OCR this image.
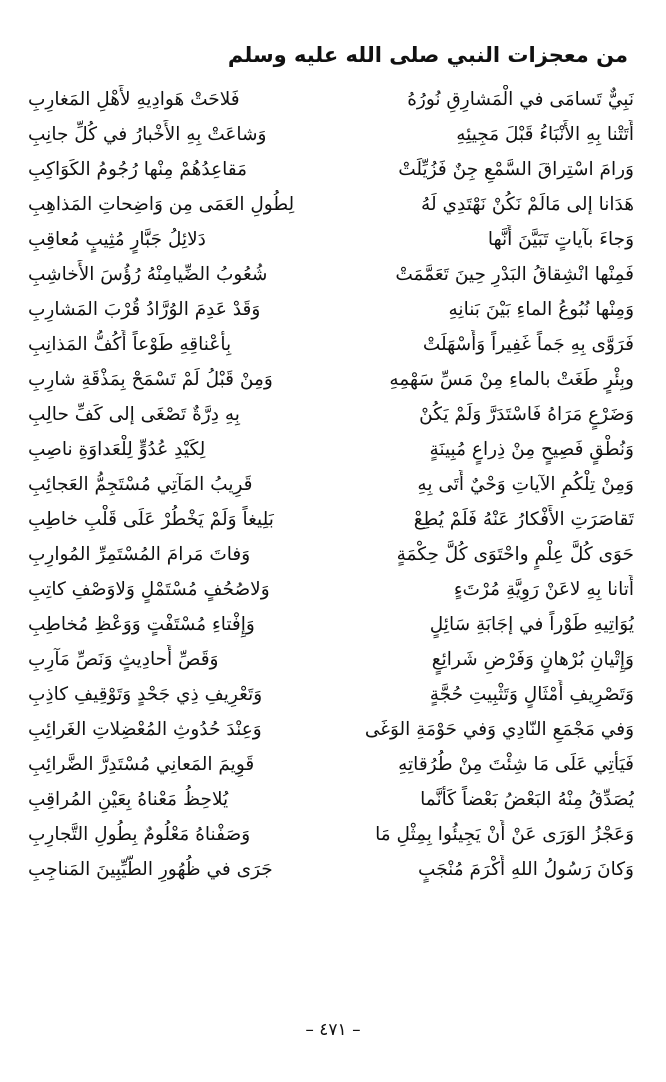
من معجزات النبي صلى الله عليه وسلم
نَبِيٌّ تَسامَى في الْمَشارِقِ نُورُهُ
فَلاحَتْ هَوادِيهِ لأَهْلِ المَغارِبِ
أَتَتْنا بِهِ الأَنْبَاءُ قَبْلَ مَجِيئِهِ
وَشاعَتْ بِهِ الأَخْبارُ في كُلِّ جانِبِ
وَرامَ اسْتِراقَ السَّمْعِ جِنٌ فَزُيِّلَتْ
مَقاعِدُهُمْ مِنْها رُجُومُ الكَوَاكِبِ
هَدَانا إلى مَالَمْ نَكُنْ نَهْتَدِي لَهُ
لِطُولِ العَمَى مِن وَاضِحاتِ المَذاهِبِ
وَجاءَ بآياتٍ تَبَيَّنَ أَنَّها
دَلائِلُ جَبَّارٍ مُثِيبٍ مُعاقِبِ
فَمِنْها انْشِقاقُ البَدْرِ حِينَ تَعَمَّمَتْ
شُعُوبُ الضِّيامِنْهُ رُؤُسَ الأَخاشِبِ
وَمِنْها نُبُوعُ الماءِ بَيْنَ بَنانِهِ
وَقَدْ عَدِمَ الوُرَّادُ قُرْبَ المَشارِبِ
فَرَوَّى بِهِ جَماً غَفِيراً وَأَسْهَلَتْ
بِأَعْناقِهِ طَوْعاً أَكُفُّ المَذانِبِ
وبِئْرٍ طَغَتْ بالماءِ مِنْ مَسِّ سَهْمِهِ
وَمِنْ قَبْلُ لَمْ تَسْمَحْ بِمَذْقَةِ شارِبِ
وَضَرْعٍ مَرَاهُ فَاسْتَدَرَّ وَلَمْ يَكُنْ
بِهِ دِرَّةٌ تَصْغَى إلى كَفِّ حالِبِ
وَنُطْقٍ فَصِيحٍ مِنْ ذِراعٍ مُبِينَةٍ
لِكَيْدِ عُدُوٍّ لِلْعَداوَةِ ناصِبِ
وَمِنْ تِلْكُمِ الآياتِ وَحْيٌ أَتَى بِهِ
قَرِيبُ المَآتِي مُسْتَجِمُّ العَجائِبِ
تَقاصَرَتِ الأَفْكارُ عَنْهُ فَلَمْ يُطِعْ
بَلِيغاً وَلَمْ يَخْطُرْ عَلَى قَلْبِ خاطِبِ
حَوَى كُلَّ عِلْمٍ واحْتَوَى كُلَّ حِكْمَةٍ
وَفاتَ مَرامَ المُسْتَمِرِّ المُوارِبِ
أَتانا بِهِ لاعَنْ رَوِيَّةِ مُرْتَءٍ
وَلاصُحُفٍ مُسْتَمْلٍ وَلاوَصْفِ كاتِبِ
يُوَاتِيهِ طَوْراً في إجَابَةِ سَائِلٍ
وَإِفْتاءِ مُسْتَفْتٍ وَوَعْظِ مُخاطِبِ
وَإِتْيانِ بُرْهانٍ وَفَرْضِ شَرائِعٍ
وَقَصِّ أَحادِيثٍ وَنَصِّ مَآرِبِ
وَتَصْرِيفِ أَمْثَالٍ وَتَثْبِيتِ حُجَّةٍ
وَتَعْرِيفِ ذِي جَحْدٍ وَتَوْقِيفِ كاذِبِ
وَفي مَجْمَعِ النّادِي وَفي حَوْمَةِ الوَغَى
وَعِنْدَ حُدُوثِ المُعْضِلاتِ الغَرائِبِ
فَيَأْتِي عَلَى مَا شِئْتَ مِنْ طُرُقاتِهِ
قَوِيمَ المَعانِي مُسْتَدِرَّ الضَّرائِبِ
يُصَدِّقُ مِنْهُ البَعْضُ بَعْضاً كَأَنَّما
يُلاحِظُ مَعْناهُ بِعَيْنِ المُراقِبِ
وَعَجْزُ الوَرَى عَنْ أَنْ يَجِيئُوا بِمِثْلِ مَا
وَصَفْناهُ مَعْلُومٌ بِطُولِ التَّجارِبِ
وَكانَ رَسُولُ اللهِ أَكْرَمَ مُنْجَبٍ
جَرَى في ظُهُورِ الطَّيِّبِينَ المَناجِبِ
– ٤٧١ –
